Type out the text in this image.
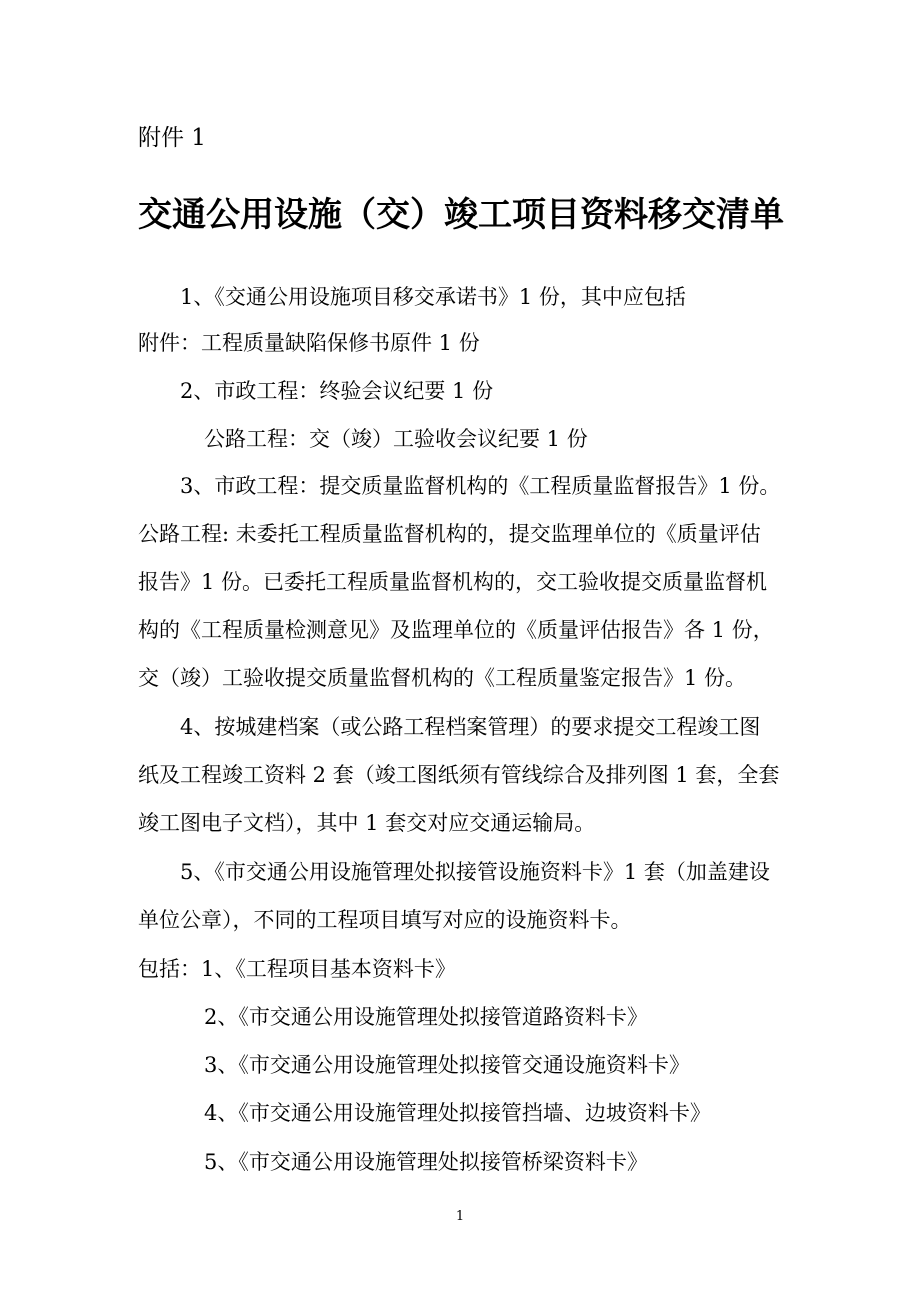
附件 1
交通公用设施（交）竣工项目资料移交清单
1、《交通公用设施项目移交承诺书》1 份，其中应包括
附件：工程质量缺陷保修书原件 1 份
2、市政工程：终验会议纪要 1 份
公路工程：交（竣）工验收会议纪要 1 份
3、市政工程：提交质量监督机构的《工程质量监督报告》1 份。
公路工程: 未委托工程质量监督机构的，提交监理单位的《质量评估
报告》1 份。已委托工程质量监督机构的，交工验收提交质量监督机
构的《工程质量检测意见》及监理单位的《质量评估报告》各 1 份，
交（竣）工验收提交质量监督机构的《工程质量鉴定报告》1 份。
4、按城建档案（或公路工程档案管理）的要求提交工程竣工图
纸及工程竣工资料 2 套（竣工图纸须有管线综合及排列图 1 套，全套
竣工图电子文档），其中 1 套交对应交通运输局。
5、《市交通公用设施管理处拟接管设施资料卡》1 套（加盖建设
单位公章），不同的工程项目填写对应的设施资料卡。
包括：1、《工程项目基本资料卡》
2、《市交通公用设施管理处拟接管道路资料卡》
3、《市交通公用设施管理处拟接管交通设施资料卡》
4、《市交通公用设施管理处拟接管挡墙、边坡资料卡》
5、《市交通公用设施管理处拟接管桥梁资料卡》
1
